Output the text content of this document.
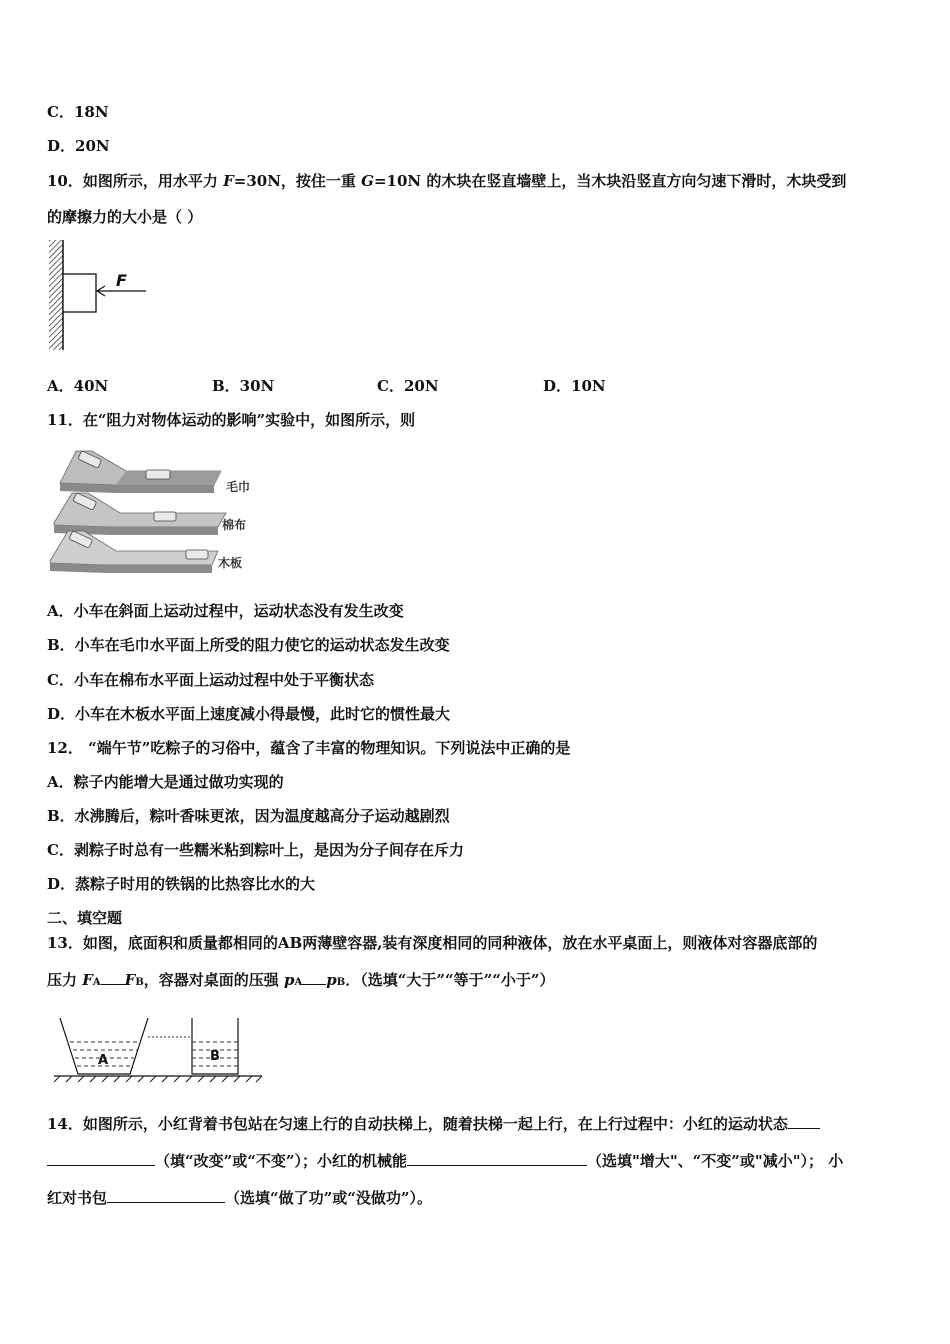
C．18N
D．20N
10．如图所示，用水平力 F=30N，按住一重 G=10N 的木块在竖直墙壁上，当木块沿竖直方向匀速下滑时，木块受到
的摩擦力的大小是（ ）
F
A．40N	B．30N	C．20N	D．10N
11．在“阻力对物体运动的影响”实验中，如图所示，则
毛巾
棉布
木板
A．小车在斜面上运动过程中，运动状态没有发生改变
B．小车在毛巾水平面上所受的阻力使它的运动状态发生改变
C．小车在棉布水平面上运动过程中处于平衡状态
D．小车在木板水平面上速度减小得最慢，此时它的惯性最大
12． “端午节”吃粽子的习俗中，蕴含了丰富的物理知识。下列说法中正确的是
A．粽子内能增大是通过做功实现的
B．水沸腾后，粽叶香味更浓，因为温度越高分子运动越剧烈
C．剥粽子时总有一些糯米粘到粽叶上，是因为分子间存在斥力
D．蒸粽子时用的铁锅的比热容比水的大
二、填空题
13．如图，底面积和质量都相同的AB两薄壁容器,装有深度相同的同种液体，放在水平桌面上，则液体对容器底部的
压力 FA FB，容器对桌面的压强 pA pB．（选填“大于”“等于”“小于”）
A	B
14．如图所示，小红背着书包站在匀速上行的自动扶梯上，随着扶梯一起上行，在上行过程中：小红的运动状态
（填“改变”或“不变”）；小红的机械能	（选填"增大"、“不变”或"减小"）； 小
红对书包	（选填“做了功”或“没做功”）。
